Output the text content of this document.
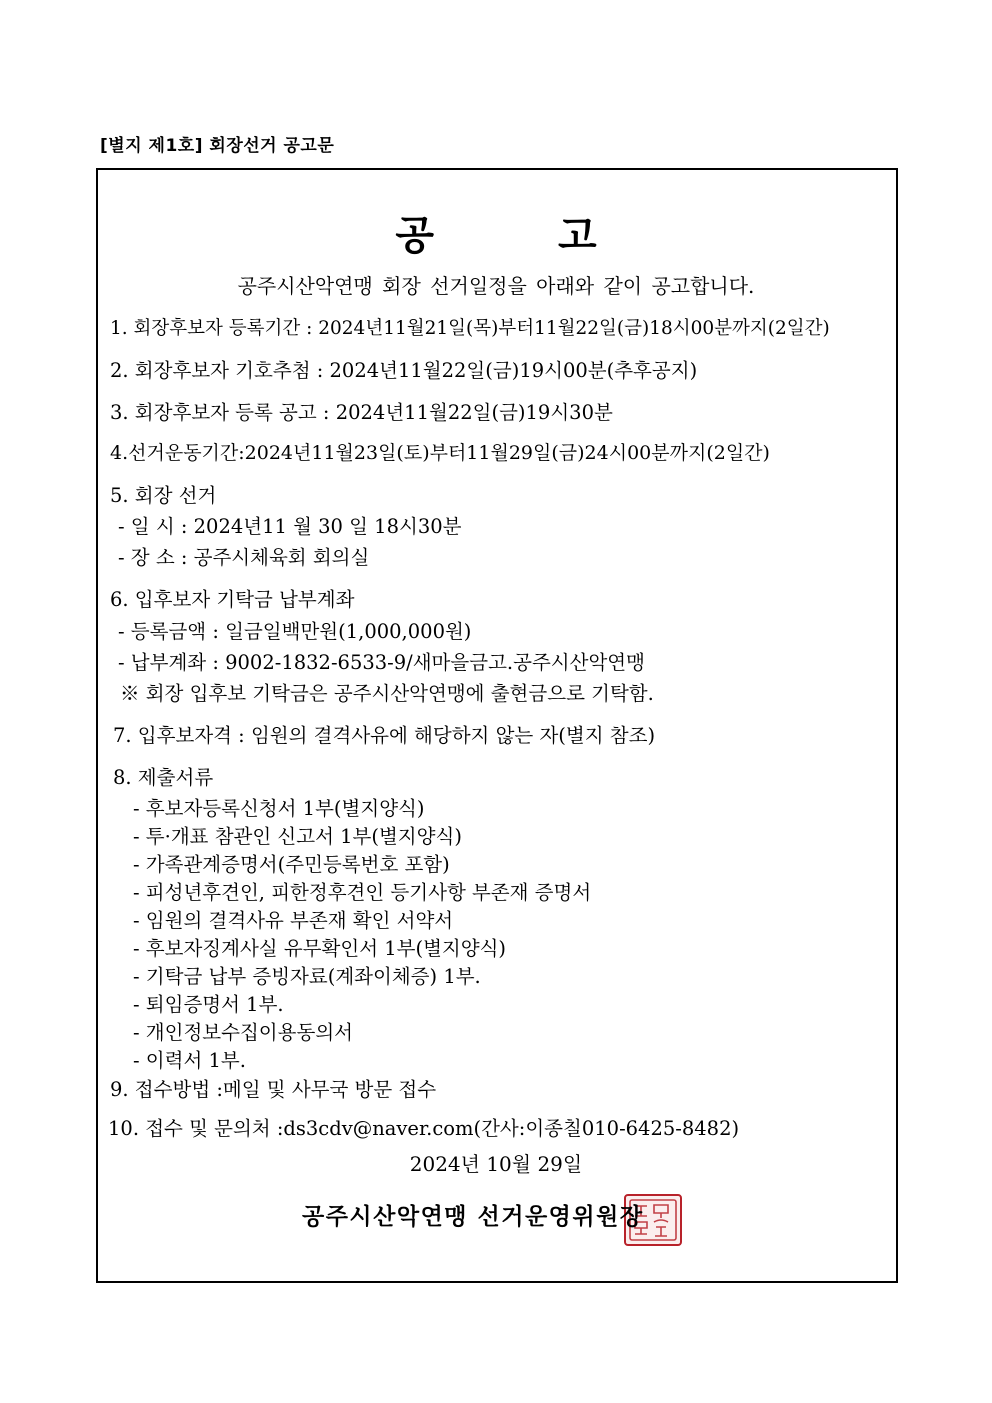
[별지 제1호] 회장선거 공고문
공 고
공주시산악연맹 회장 선거일정을 아래와 같이 공고합니다.
1. 회장후보자 등록기간 : 2024년11월21일(목)부터11월22일(금)18시00분까지(2일간)
2. 회장후보자 기호추첨 : 2024년11월22일(금)19시00분(추후공지)
3. 회장후보자 등록 공고 : 2024년11월22일(금)19시30분
4.선거운동기간:2024년11월23일(토)부터11월29일(금)24시00분까지(2일간)
5. 회장 선거
- 일 시 : 2024년11 월 30 일 18시30분
- 장 소 : 공주시체육회 회의실
6. 입후보자 기탁금 납부계좌
- 등록금액 : 일금일백만원(1,000,000원)
- 납부계좌 : 9002-1832-6533-9/새마을금고.공주시산악연맹
※ 회장 입후보 기탁금은 공주시산악연맹에 출현금으로 기탁함.
7. 입후보자격 : 임원의 결격사유에 해당하지 않는 자(별지 참조)
8. 제출서류
- 후보자등록신청서 1부(별지양식)
- 투·개표 참관인 신고서 1부(별지양식)
- 가족관계증명서(주민등록번호 포함)
- 피성년후견인, 피한정후견인 등기사항 부존재 증명서
- 임원의 결격사유 부존재 확인 서약서
- 후보자징계사실 유무확인서 1부(별지양식)
- 기탁금 납부 증빙자료(계좌이체증) 1부.
- 퇴임증명서 1부.
- 개인정보수집이용동의서
- 이력서 1부.
9. 접수방법 :메일 및 사무국 방문 접수
10. 접수 및 문의처 :ds3cdv@naver.com(간사:이종칠010-6425-8482)
2024년 10월 29일
공주시산악연맹 선거운영위원장
